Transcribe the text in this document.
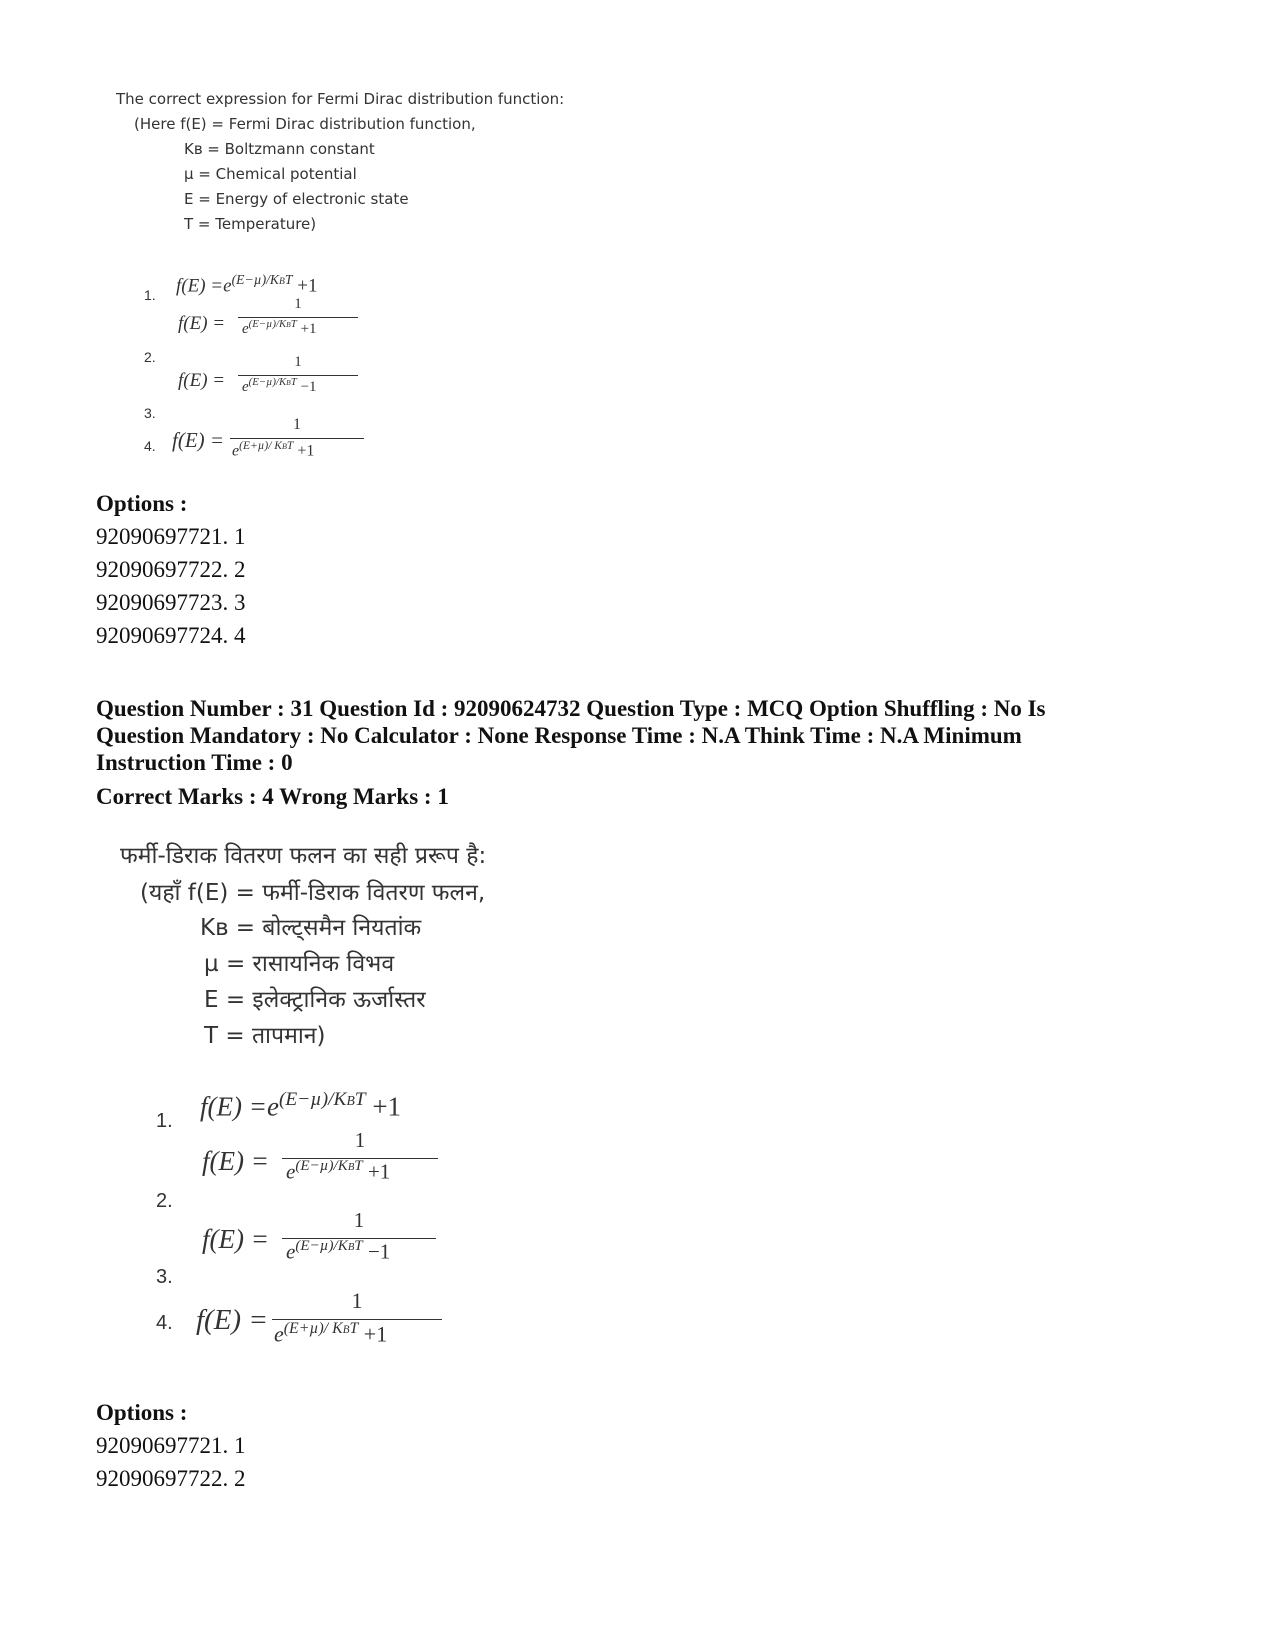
The correct expression for Fermi Dirac distribution function:
(Here f(E) = Fermi Dirac distribution function,
Kʙ = Boltzmann constant
µ = Chemical potential
E = Energy of electronic state
T = Temperature)
1. $f(E) =e^{(E-\mu)/KBT} +1$
2.
f(E) =
1
$e^{(E-\mu)/KBT} +1$
3.
f(E) =
1
$e^{(E-\mu)/KBT} -1$
4. f(E) =
1
$e^{(E+\mu)/ KBT} +1$
Options :
92090697721. 1
92090697722. 2
92090697723. 3
92090697724. 4
Question Number : 31 Question Id : 92090624732 Question Type : MCQ Option Shuffling : No Is
Question Mandatory : No Calculator : None Response Time : N.A Think Time : N.A Minimum
Instruction Time : 0
Correct Marks : 4 Wrong Marks : 1
फर्मी-डिराक वितरण फलन का सही प्ररूप है:
(यहाँ f(E) = फर्मी-डिराक वितरण फलन,
Kʙ = बोल्ट्समैन नियतांक
µ = रासायनिक विभव
E = इलेक्ट्रानिक ऊर्जास्तर
T = तापमान)
1. $f(E) =e^{(E-\mu)/KBT} +1$
2.
f(E) =
1
$e^{(E-\mu)/KBT} +1$
3.
f(E) =
1
$e^{(E-\mu)/KBT} -1$
4. f(E) =
1
$e^{(E+\mu)/ KBT} +1$
Options :
92090697721. 1
92090697722. 2
